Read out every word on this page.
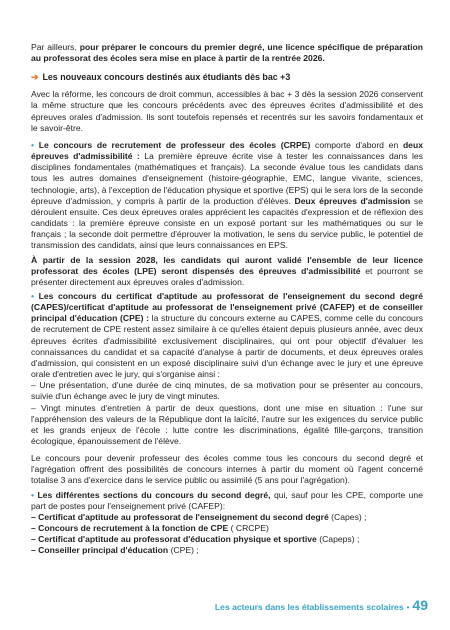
Par ailleurs, pour préparer le concours du premier degré, une licence spécifique de préparation au professorat des écoles sera mise en place à partir de la rentrée 2026.

➔ Les nouveaux concours destinés aux étudiants dès bac +3

Avec la réforme, les concours de droit commun, accessibles à bac + 3 dès la session 2026 conservent la même structure que les concours précédents avec des épreuves écrites d'admissibilité et des épreuves orales d'admission. Ils sont toutefois repensés et recentrés sur les savoirs fondamentaux et le savoir-être.

• Le concours de recrutement de professeur des écoles (CRPE) comporte d'abord en deux épreuves d'admissibilité : La première épreuve écrite vise à tester les connaissances dans les disciplines fondamentales (mathématiques et français). La seconde évalue tous les candidats dans tous les autres domaines d'enseignement (histoire-géographie, EMC, langue vivante, sciences, technologie, arts), à l'exception de l'éducation physique et sportive (EPS) qui le sera lors de la seconde épreuve d'admission, y compris à partir de la production d'élèves. Deux épreuves d'admission se déroulent ensuite. Ces deux épreuves orales apprécient les capacités d'expression et de réflexion des candidats : la première épreuve consiste en un exposé portant sur les mathématiques ou sur le français ; la seconde doit permettre d'éprouver la motivation, le sens du service public, le potentiel de transmission des candidats, ainsi que leurs connaissances en EPS.

À partir de la session 2028, les candidats qui auront validé l'ensemble de leur licence professorat des écoles (LPE) seront dispensés des épreuves d'admissibilité et pourront se présenter directement aux épreuves orales d'admission.

• Les concours du certificat d'aptitude au professorat de l'enseignement du second degré (CAPES)/certificat d'aptitude au professorat de l'enseignement privé (CAFEP) et de conseiller principal d'éducation (CPE) : la structure du concours externe au CAPES, comme celle du concours de recrutement de CPE restent assez similaire à ce qu'elles étaient depuis plusieurs année, avec deux épreuves écrites d'admissibilité exclusivement disciplinaires, qui ont pour objectif d'évaluer les connaissances du candidat et sa capacité d'analyse à partir de documents, et deux épreuves orales d'admission, qui consistent en un exposé disciplinaire suivi d'un échange avec le jury et une épreuve orale d'entretien avec le jury, qui s'organise ainsi :

– Une présentation, d'une durée de cinq minutes, de sa motivation pour se présenter au concours, suivie d'un échange avec le jury de vingt minutes.

– Vingt minutes d'entretien à partir de deux questions, dont une mise en situation : l'une sur l'appréhension des valeurs de la République dont la laïcité, l'autre sur les exigences du service public et les grands enjeux de l'école : lutte contre les discriminations, égalité fille-garçons, transition écologique, épanouissement de l'élève.

Le concours pour devenir professeur des écoles comme tous les concours du second degré et l'agrégation offrent des possibilités de concours internes à partir du moment où l'agent concerné totalise 3 ans d'exercice dans le service public ou assimilé (5 ans pour l'agrégation).

• Les différentes sections du concours du second degré, qui, sauf pour les CPE, comporte une part de postes pour l'enseignement privé (CAFEP):

– Certificat d'aptitude au professorat de l'enseignement du second degré (Capes) ;

– Concours de recrutement à la fonction de CPE ( CRCPE)

– Certificat d'aptitude au professorat d'éducation physique et sportive (Capeps) ;

– Conseiller principal d'éducation (CPE) ;

Les acteurs dans les établissements scolaires • 49
